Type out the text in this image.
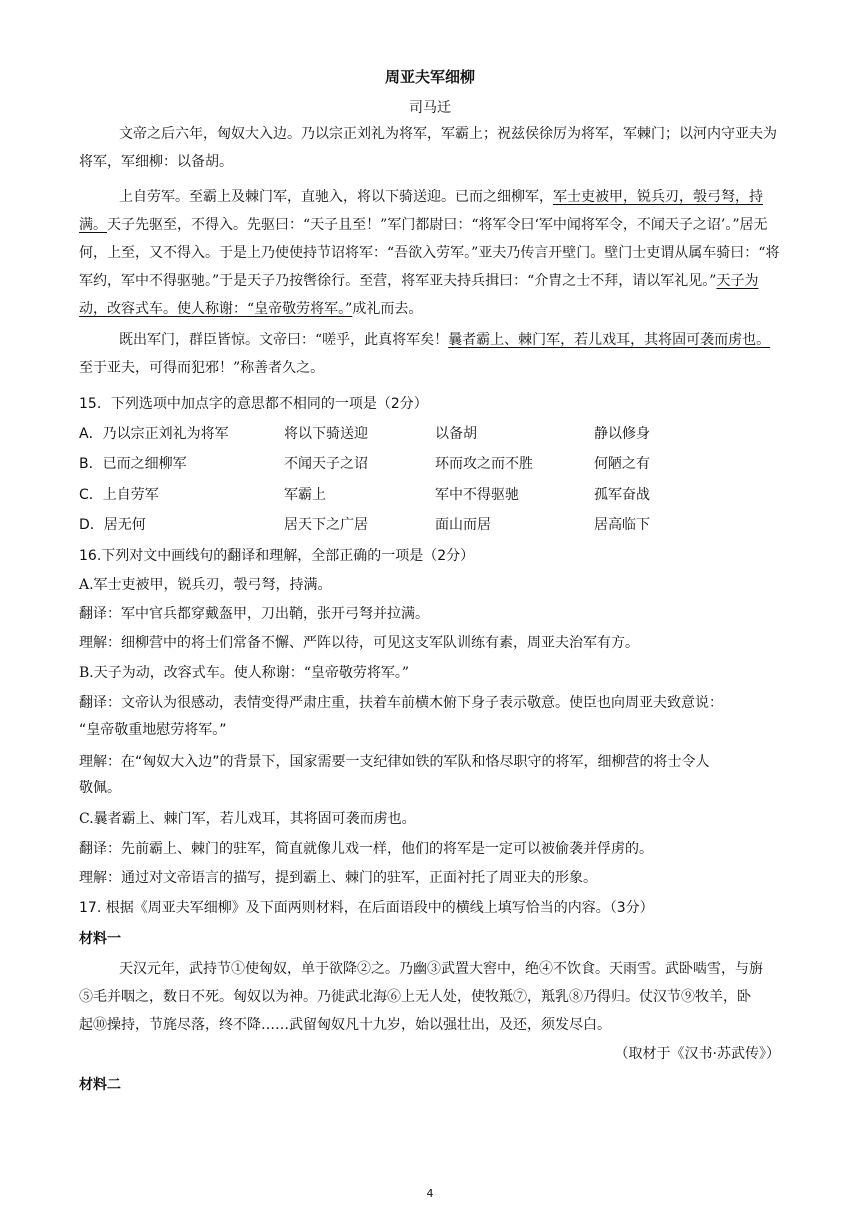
周亚夫军细柳
司马迁
文帝之后六年，匈奴大入边。乃以宗正刘礼为将军，军霸上；祝兹侯徐厉为将军，军棘门；以河内守亚夫为将军，军细柳：以备胡。
上自劳军。至霸上及棘门军，直驰入，将以下骑送迎。已而之细柳军，军士吏被甲，锐兵刃，彀弓弩，持满。天子先驱至，不得入。先驱曰：“天子且至！”军门都尉曰：“将军令曰‘军中闻将军令，不闻天子之诏’。”居无何，上至，又不得入。于是上乃使使持节诏将军：“吾欲入劳军。”亚夫乃传言开壁门。壁门士吏谓从属车骑曰：“将军约，军中不得驱驰。”于是天子乃按辔徐行。至营，将军亚夫持兵揖曰：“介胄之士不拜，请以军礼见。”天子为动，改容式车。使人称谢：“皇帝敬劳将军。”成礼而去。
既出军门，群臣皆惊。文帝曰：“嗟乎，此真将军矣！曩者霸上、棘门军，若儿戏耳，其将固可袭而虏也。至于亚夫，可得而犯邪！”称善者久之。
15．下列选项中加点字的意思都不相同的一项是（2分）
A．乃以宗正刘礼为将军	将以下骑送迎	以备胡	静以修身
B．已而之细柳军	不闻天子之诏	环而攻之而不胜	何陋之有
C．上自劳军	军霸上	军中不得驱驰	孤军奋战
D．居无何	居天下之广居	面山而居	居高临下
16.下列对文中画线句的翻译和理解，全部正确的一项是（2分）
A.军士吏被甲，锐兵刃，彀弓弩，持满。
翻译：军中官兵都穿戴盔甲，刀出鞘，张开弓弩并拉满。
理解：细柳营中的将士们常备不懈、严阵以待，可见这支军队训练有素，周亚夫治军有方。
B.天子为动，改容式车。使人称谢：“皇帝敬劳将军。”
翻译：文帝认为很感动，表情变得严肃庄重，扶着车前横木俯下身子表示敬意。使臣也向周亚夫致意说：
“皇帝敬重地慰劳将军。”
理解：在“匈奴大入边”的背景下，国家需要一支纪律如铁的军队和恪尽职守的将军，细柳营的将士令人
敬佩。
C.曩者霸上、棘门军，若儿戏耳，其将固可袭而虏也。
翻译：先前霸上、棘门的驻军，简直就像儿戏一样，他们的将军是一定可以被偷袭并俘虏的。
理解：通过对文帝语言的描写，提到霸上、棘门的驻军，正面衬托了周亚夫的形象。
17. 根据《周亚夫军细柳》及下面两则材料，在后面语段中的横线上填写恰当的内容。（3分）
材料一
天汉元年，武持节①使匈奴，单于欲降②之。乃幽③武置大窖中，绝④不饮食。天雨雪。武卧啮雪，与旃
⑤毛并咽之，数日不死。匈奴以为神。乃徙武北海⑥上无人处，使牧羝⑦，羝乳⑧乃得归。仗汉节⑨牧羊，卧
起⑩操持，节旄尽落，终不降……武留匈奴凡十九岁，始以强壮出，及还，须发尽白。
（取材于《汉书·苏武传》）
材料二
4
